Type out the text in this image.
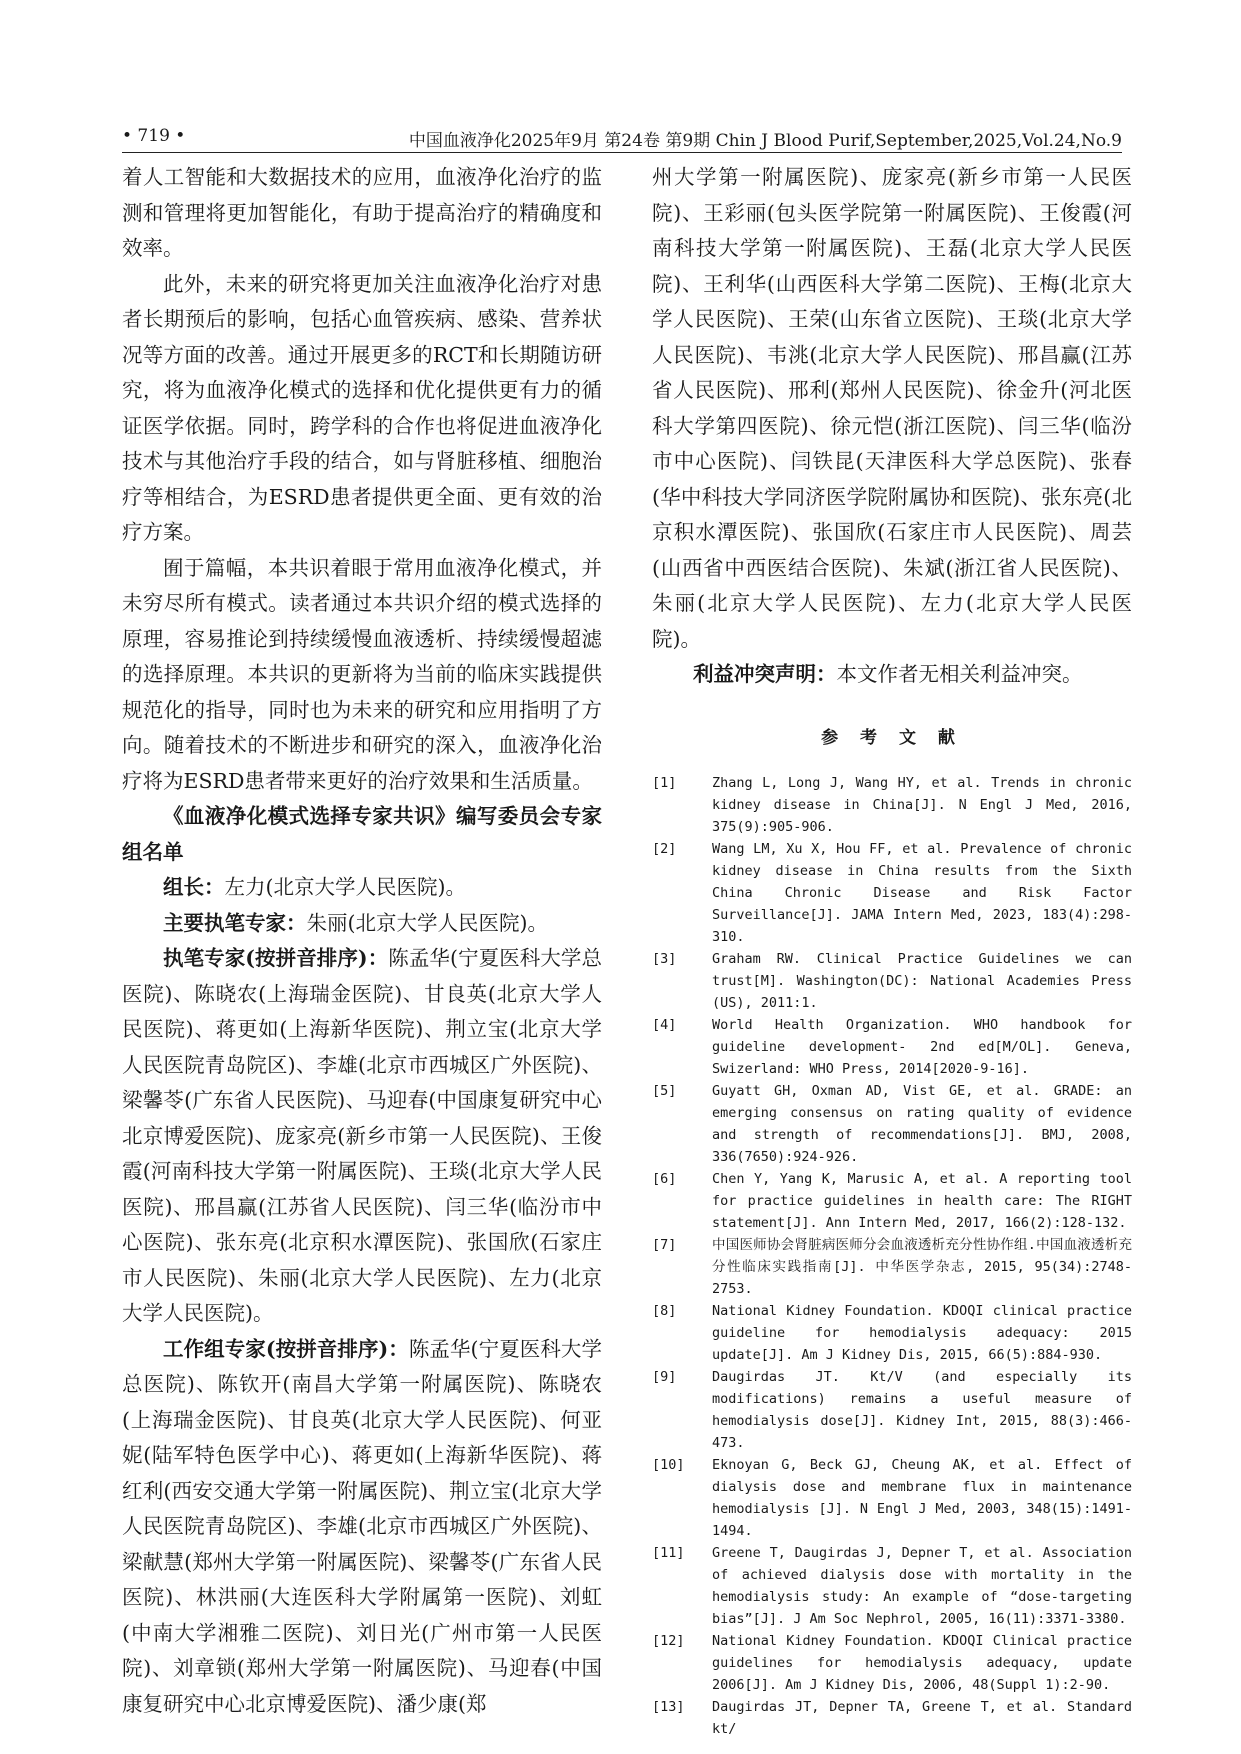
• 719 •	中国血液净化2025年9月 第24卷 第9期 Chin J Blood Purif,September,2025,Vol.24,No.9

着人工智能和大数据技术的应用，血液净化治疗的监测和管理将更加智能化，有助于提高治疗的精确度和效率。

此外，未来的研究将更加关注血液净化治疗对患者长期预后的影响，包括心血管疾病、感染、营养状况等方面的改善。通过开展更多的RCT和长期随访研究，将为血液净化模式的选择和优化提供更有力的循证医学依据。同时，跨学科的合作也将促进血液净化技术与其他治疗手段的结合，如与肾脏移植、细胞治疗等相结合，为ESRD患者提供更全面、更有效的治疗方案。

囿于篇幅，本共识着眼于常用血液净化模式，并未穷尽所有模式。读者通过本共识介绍的模式选择的原理，容易推论到持续缓慢血液透析、持续缓慢超滤的选择原理。本共识的更新将为当前的临床实践提供规范化的指导，同时也为未来的研究和应用指明了方向。随着技术的不断进步和研究的深入，血液净化治疗将为ESRD患者带来更好的治疗效果和生活质量。

《血液净化模式选择专家共识》编写委员会专家组名单

组长：左力(北京大学人民医院)。

主要执笔专家：朱丽(北京大学人民医院)。

执笔专家(按拼音排序)：陈孟华(宁夏医科大学总医院)、陈晓农(上海瑞金医院)、甘良英(北京大学人民医院)、蒋更如(上海新华医院)、荆立宝(北京大学人民医院青岛院区)、李雄(北京市西城区广外医院)、梁馨苓(广东省人民医院)、马迎春(中国康复研究中心北京博爱医院)、庞家亮(新乡市第一人民医院)、王俊霞(河南科技大学第一附属医院)、王琰(北京大学人民医院)、邢昌赢(江苏省人民医院)、闫三华(临汾市中心医院)、张东亮(北京积水潭医院)、张国欣(石家庄市人民医院)、朱丽(北京大学人民医院)、左力(北京大学人民医院)。

工作组专家(按拼音排序)：陈孟华(宁夏医科大学总医院)、陈钦开(南昌大学第一附属医院)、陈晓农(上海瑞金医院)、甘良英(北京大学人民医院)、何亚妮(陆军特色医学中心)、蒋更如(上海新华医院)、蒋红利(西安交通大学第一附属医院)、荆立宝(北京大学人民医院青岛院区)、李雄(北京市西城区广外医院)、梁献慧(郑州大学第一附属医院)、梁馨苓(广东省人民医院)、林洪丽(大连医科大学附属第一医院)、刘虹(中南大学湘雅二医院)、刘日光(广州市第一人民医院)、刘章锁(郑州大学第一附属医院)、马迎春(中国康复研究中心北京博爱医院)、潘少康(郑

州大学第一附属医院)、庞家亮(新乡市第一人民医院)、王彩丽(包头医学院第一附属医院)、王俊霞(河南科技大学第一附属医院)、王磊(北京大学人民医院)、王利华(山西医科大学第二医院)、王梅(北京大学人民医院)、王荣(山东省立医院)、王琰(北京大学人民医院)、韦洮(北京大学人民医院)、邢昌赢(江苏省人民医院)、邢利(郑州人民医院)、徐金升(河北医科大学第四医院)、徐元恺(浙江医院)、闫三华(临汾市中心医院)、闫铁昆(天津医科大学总医院)、张春(华中科技大学同济医学院附属协和医院)、张东亮(北京积水潭医院)、张国欣(石家庄市人民医院)、周芸(山西省中西医结合医院)、朱斌(浙江省人民医院)、朱丽(北京大学人民医院)、左力(北京大学人民医院)。

利益冲突声明：本文作者无相关利益冲突。

参 考 文 献
[1]	Zhang L, Long J, Wang HY, et al. Trends in chronic kidney disease in China[J]. N Engl J Med, 2016, 375(9):905-906.
[2]	Wang LM, Xu X, Hou FF, et al. Prevalence of chronic kidney disease in China results from the Sixth China Chronic Disease and Risk Factor Surveillance[J]. JAMA Intern Med, 2023, 183(4):298-310.
[3]	Graham RW. Clinical Practice Guidelines we can trust[M]. Washington(DC): National Academies Press (US), 2011:1.
[4]	World Health Organization. WHO handbook for guideline development- 2nd ed[M/OL]. Geneva, Swizerland: WHO Press, 2014[2020-9-16].
[5]	Guyatt GH, Oxman AD, Vist GE, et al. GRADE: an emerging consensus on rating quality of evidence and strength of recommendations[J]. BMJ, 2008, 336(7650):924-926.
[6]	Chen Y, Yang K, Marusic A, et al. A reporting tool for practice guidelines in health care: The RIGHT statement[J]. Ann Intern Med, 2017, 166(2):128-132.
[7]	中国医师协会肾脏病医师分会血液透析充分性协作组.中国血液透析充分性临床实践指南[J]. 中华医学杂志, 2015, 95(34):2748-2753.
[8]	National Kidney Foundation. KDOQI clinical practice guideline for hemodialysis adequacy: 2015 update[J]. Am J Kidney Dis, 2015, 66(5):884-930.
[9]	Daugirdas JT. Kt/V (and especially its modifications) remains a useful measure of hemodialysis dose[J]. Kidney Int, 2015, 88(3):466-473.
[10]	Eknoyan G, Beck GJ, Cheung AK, et al. Effect of dialysis dose and membrane flux in maintenance hemodialysis [J]. N Engl J Med, 2003, 348(15):1491-1494.
[11]	Greene T, Daugirdas J, Depner T, et al. Association of achieved dialysis dose with mortality in the hemodialysis study: An example of “dose-targeting bias”[J]. J Am Soc Nephrol, 2005, 16(11):3371-3380.
[12]	National Kidney Foundation. KDOQI Clinical practice guidelines for hemodialysis adequacy, update 2006[J]. Am J Kidney Dis, 2006, 48(Suppl 1):2-90.
[13]	Daugirdas JT, Depner TA, Greene T, et al. Standard kt/
